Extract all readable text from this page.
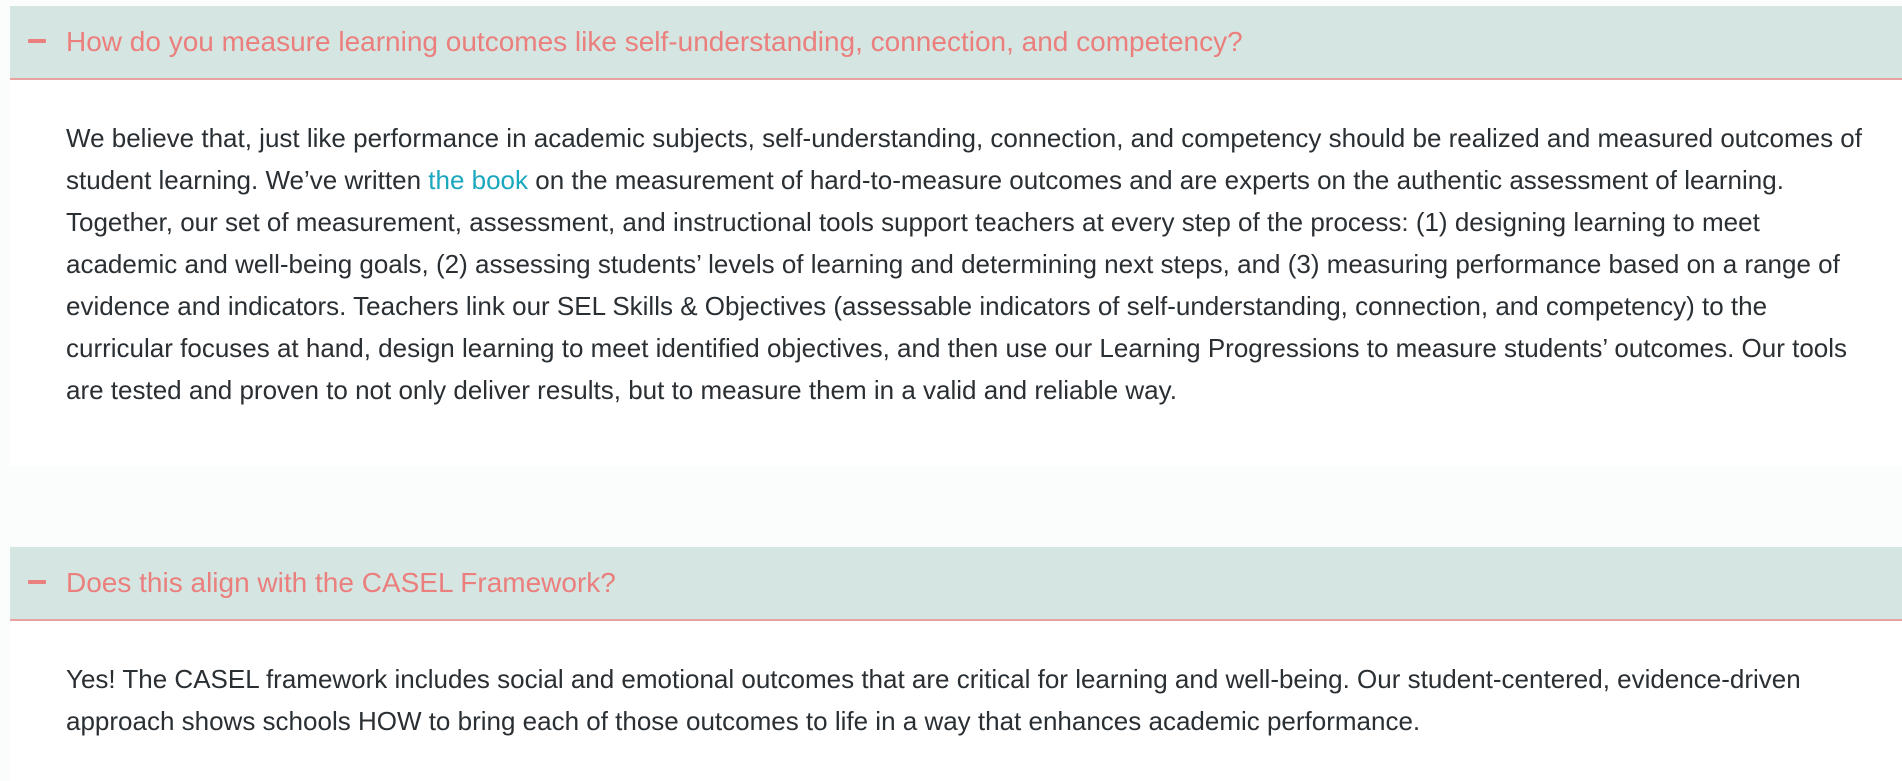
How do you measure learning outcomes like self-understanding, connection, and competency?

We believe that, just like performance in academic subjects, self-understanding, connection, and competency should be realized and measured outcomes of student learning. We’ve written the book on the measurement of hard-to-measure outcomes and are experts on the authentic assessment of learning. Together, our set of measurement, assessment, and instructional tools support teachers at every step of the process: (1) designing learning to meet academic and well-being goals, (2) assessing students’ levels of learning and determining next steps, and (3) measuring performance based on a range of evidence and indicators. Teachers link our SEL Skills & Objectives (assessable indicators of self-understanding, connection, and competency) to the curricular focuses at hand, design learning to meet identified objectives, and then use our Learning Progressions to measure students’ outcomes. Our tools are tested and proven to not only deliver results, but to measure them in a valid and reliable way.

Does this align with the CASEL Framework?

Yes! The CASEL framework includes social and emotional outcomes that are critical for learning and well-being. Our student-centered, evidence-driven approach shows schools HOW to bring each of those outcomes to life in a way that enhances academic performance.
